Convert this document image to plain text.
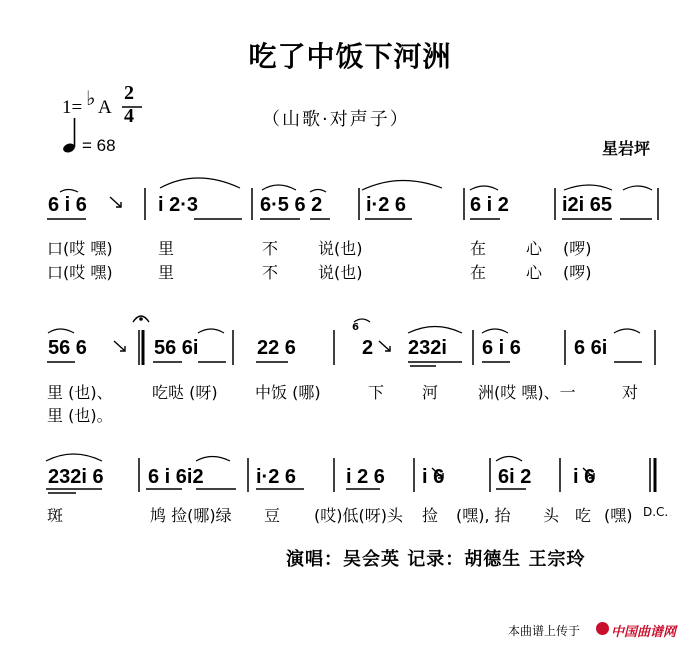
吃了中饭下河洲
1= ♭ A
2
4
= 68
（山歌·对声子）
星岩坪
6 i 6	i 2·3	6·5 6 2 i·2 6	6 i 2	i2i 65
口(哎 嘿)	里	不 说(也)	在 心 (啰)
口(哎 嘿)	里	不 说(也)	在 心 (啰)
56 6	56 6i	22 6
6
2 232i 6 i 6	6 6i
里 (也)、 吃哒 (呀) 中饭 (哪)	下 河 洲(哎 嘿)、一	对
里 (也)。
232i 6 6 i 6i2	i·2 6 i 2 6 i 6	6i 2 i 6
斑	鸠 捡(哪)绿 豆 (哎)低(呀)头 捡 (嘿), 抬 头 吃 (嘿) D.C.
演唱：吴会英 记录：胡德生 王宗玲
本曲谱上传于 中国曲谱网
